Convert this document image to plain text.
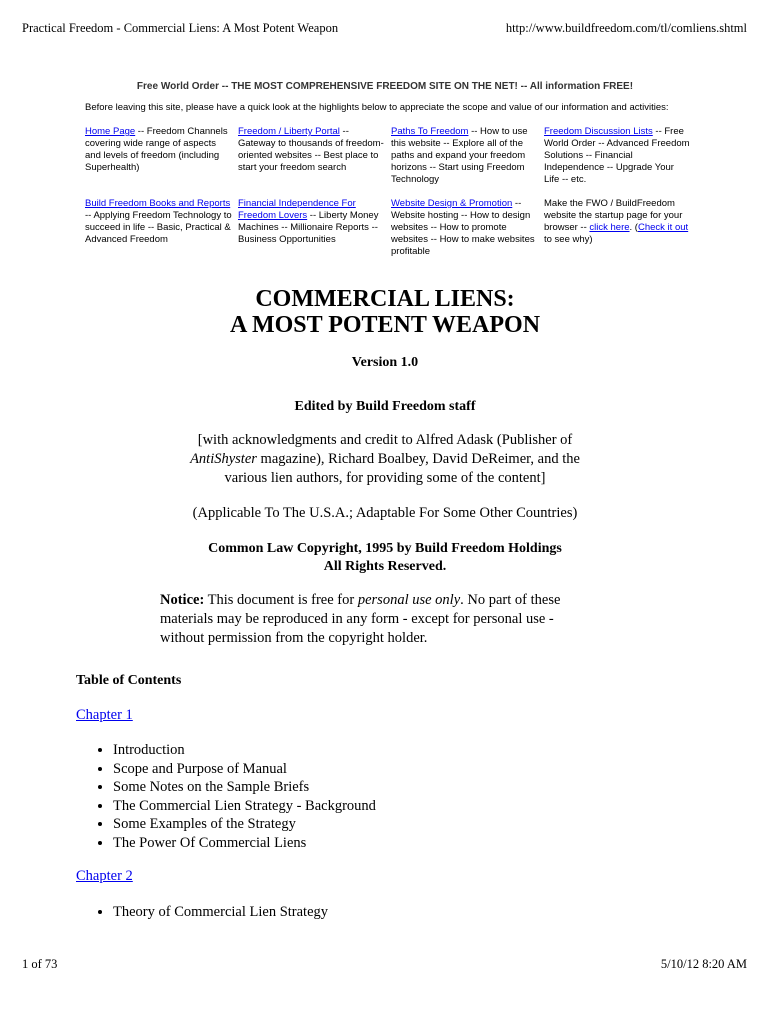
Practical Freedom - Commercial Liens: A Most Potent Weapon	http://www.buildfreedom.com/tl/comliens.shtml
Free World Order -- THE MOST COMPREHENSIVE FREEDOM SITE ON THE NET! -- All information FREE!
Before leaving this site, please have a quick look at the highlights below to appreciate the scope and value of our information and activities:
Home Page -- Freedom Channels covering wide range of aspects and levels of freedom (including Superhealth)
Freedom / Liberty Portal -- Gateway to thousands of freedom-oriented websites -- Best place to start your freedom search
Paths To Freedom -- How to use this website -- Explore all of the paths and expand your freedom horizons -- Start using Freedom Technology
Freedom Discussion Lists -- Free World Order -- Advanced Freedom Solutions -- Financial Independence -- Upgrade Your Life -- etc.
Build Freedom Books and Reports -- Applying Freedom Technology to succeed in life -- Basic, Practical & Advanced Freedom
Financial Independence For Freedom Lovers -- Liberty Money Machines -- Millionaire Reports -- Business Opportunities
Website Design & Promotion -- Website hosting -- How to design websites -- How to promote websites -- How to make websites profitable
Make the FWO / BuildFreedom website the startup page for your browser -- click here. (Check it out to see why)
COMMERCIAL LIENS:
A MOST POTENT WEAPON
Version 1.0
Edited by Build Freedom staff
[with acknowledgments and credit to Alfred Adask (Publisher of AntiShyster magazine), Richard Boalbey, David DeReimer, and the various lien authors, for providing some of the content]
(Applicable To The U.S.A.; Adaptable For Some Other Countries)
Common Law Copyright, 1995 by Build Freedom Holdings
All Rights Reserved.
Notice: This document is free for personal use only. No part of these materials may be reproduced in any form - except for personal use - without permission from the copyright holder.
Table of Contents
Chapter 1
• Introduction
• Scope and Purpose of Manual
• Some Notes on the Sample Briefs
• The Commercial Lien Strategy - Background
• Some Examples of the Strategy
• The Power Of Commercial Liens
Chapter 2
• Theory of Commercial Lien Strategy
1 of 73	5/10/12 8:20 AM
